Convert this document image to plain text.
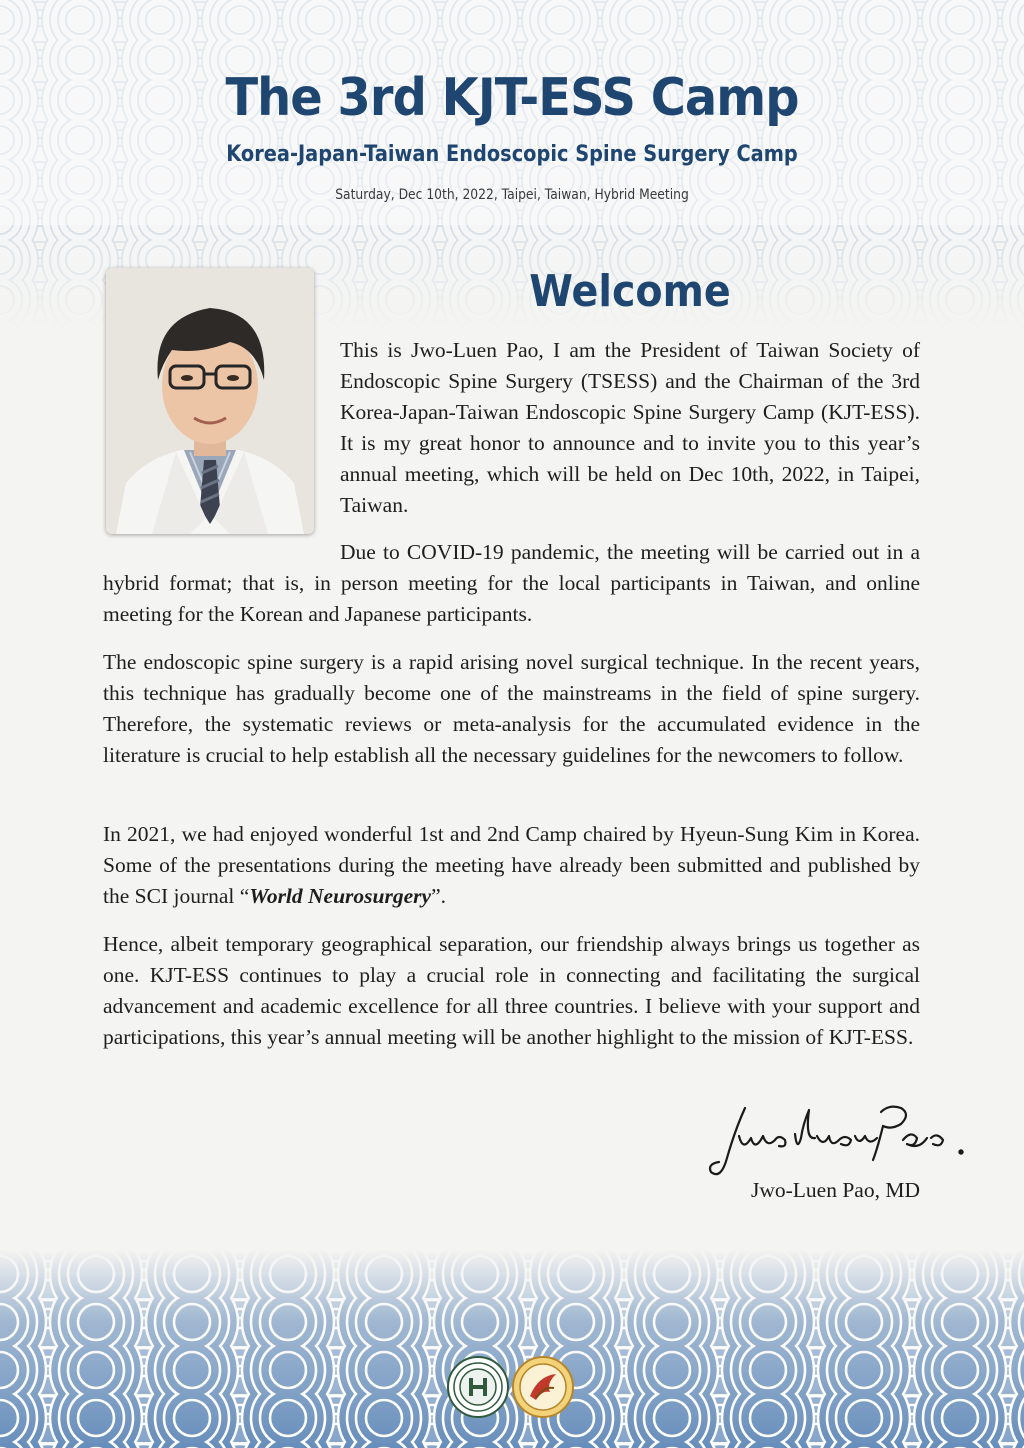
The 3rd KJT-ESS Camp
Korea-Japan-Taiwan Endoscopic Spine Surgery Camp
Saturday, Dec 10th, 2022, Taipei, Taiwan, Hybrid Meeting
Welcome

This is Jwo-Luen Pao, I am the President of Taiwan Society of Endoscopic Spine Surgery (TSESS) and the Chairman of the 3rd Korea-Japan-Taiwan Endoscopic Spine Surgery Camp (KJT-ESS). It is my great honor to announce and to invite you to this year’s annual meeting, which will be held on Dec 10th, 2022, in Taipei, Taiwan.

Due to COVID-19 pandemic, the meeting will be carried out in a hybrid format; that is, in person meeting for the local participants in Taiwan, and online meeting for the Korean and Japanese participants.

The endoscopic spine surgery is a rapid arising novel surgical technique. In the recent years, this technique has gradually become one of the mainstreams in the field of spine surgery. Therefore, the systematic reviews or meta-analysis for the accumulated evidence in the literature is crucial to help establish all the necessary guidelines for the newcomers to follow.

In 2021, we had enjoyed wonderful 1st and 2nd Camp chaired by Hyeun-Sung Kim in Korea. Some of the presentations during the meeting have already been submitted and published by the SCI journal “World Neurosurgery”.

Hence, albeit temporary geographical separation, our friendship always brings us together as one. KJT-ESS continues to play a crucial role in connecting and facilitating the surgical advancement and academic excellence for all three countries. I believe with your support and participations, this year’s annual meeting will be another highlight to the mission of KJT-ESS.

Jwo-Luen Pao, MD
